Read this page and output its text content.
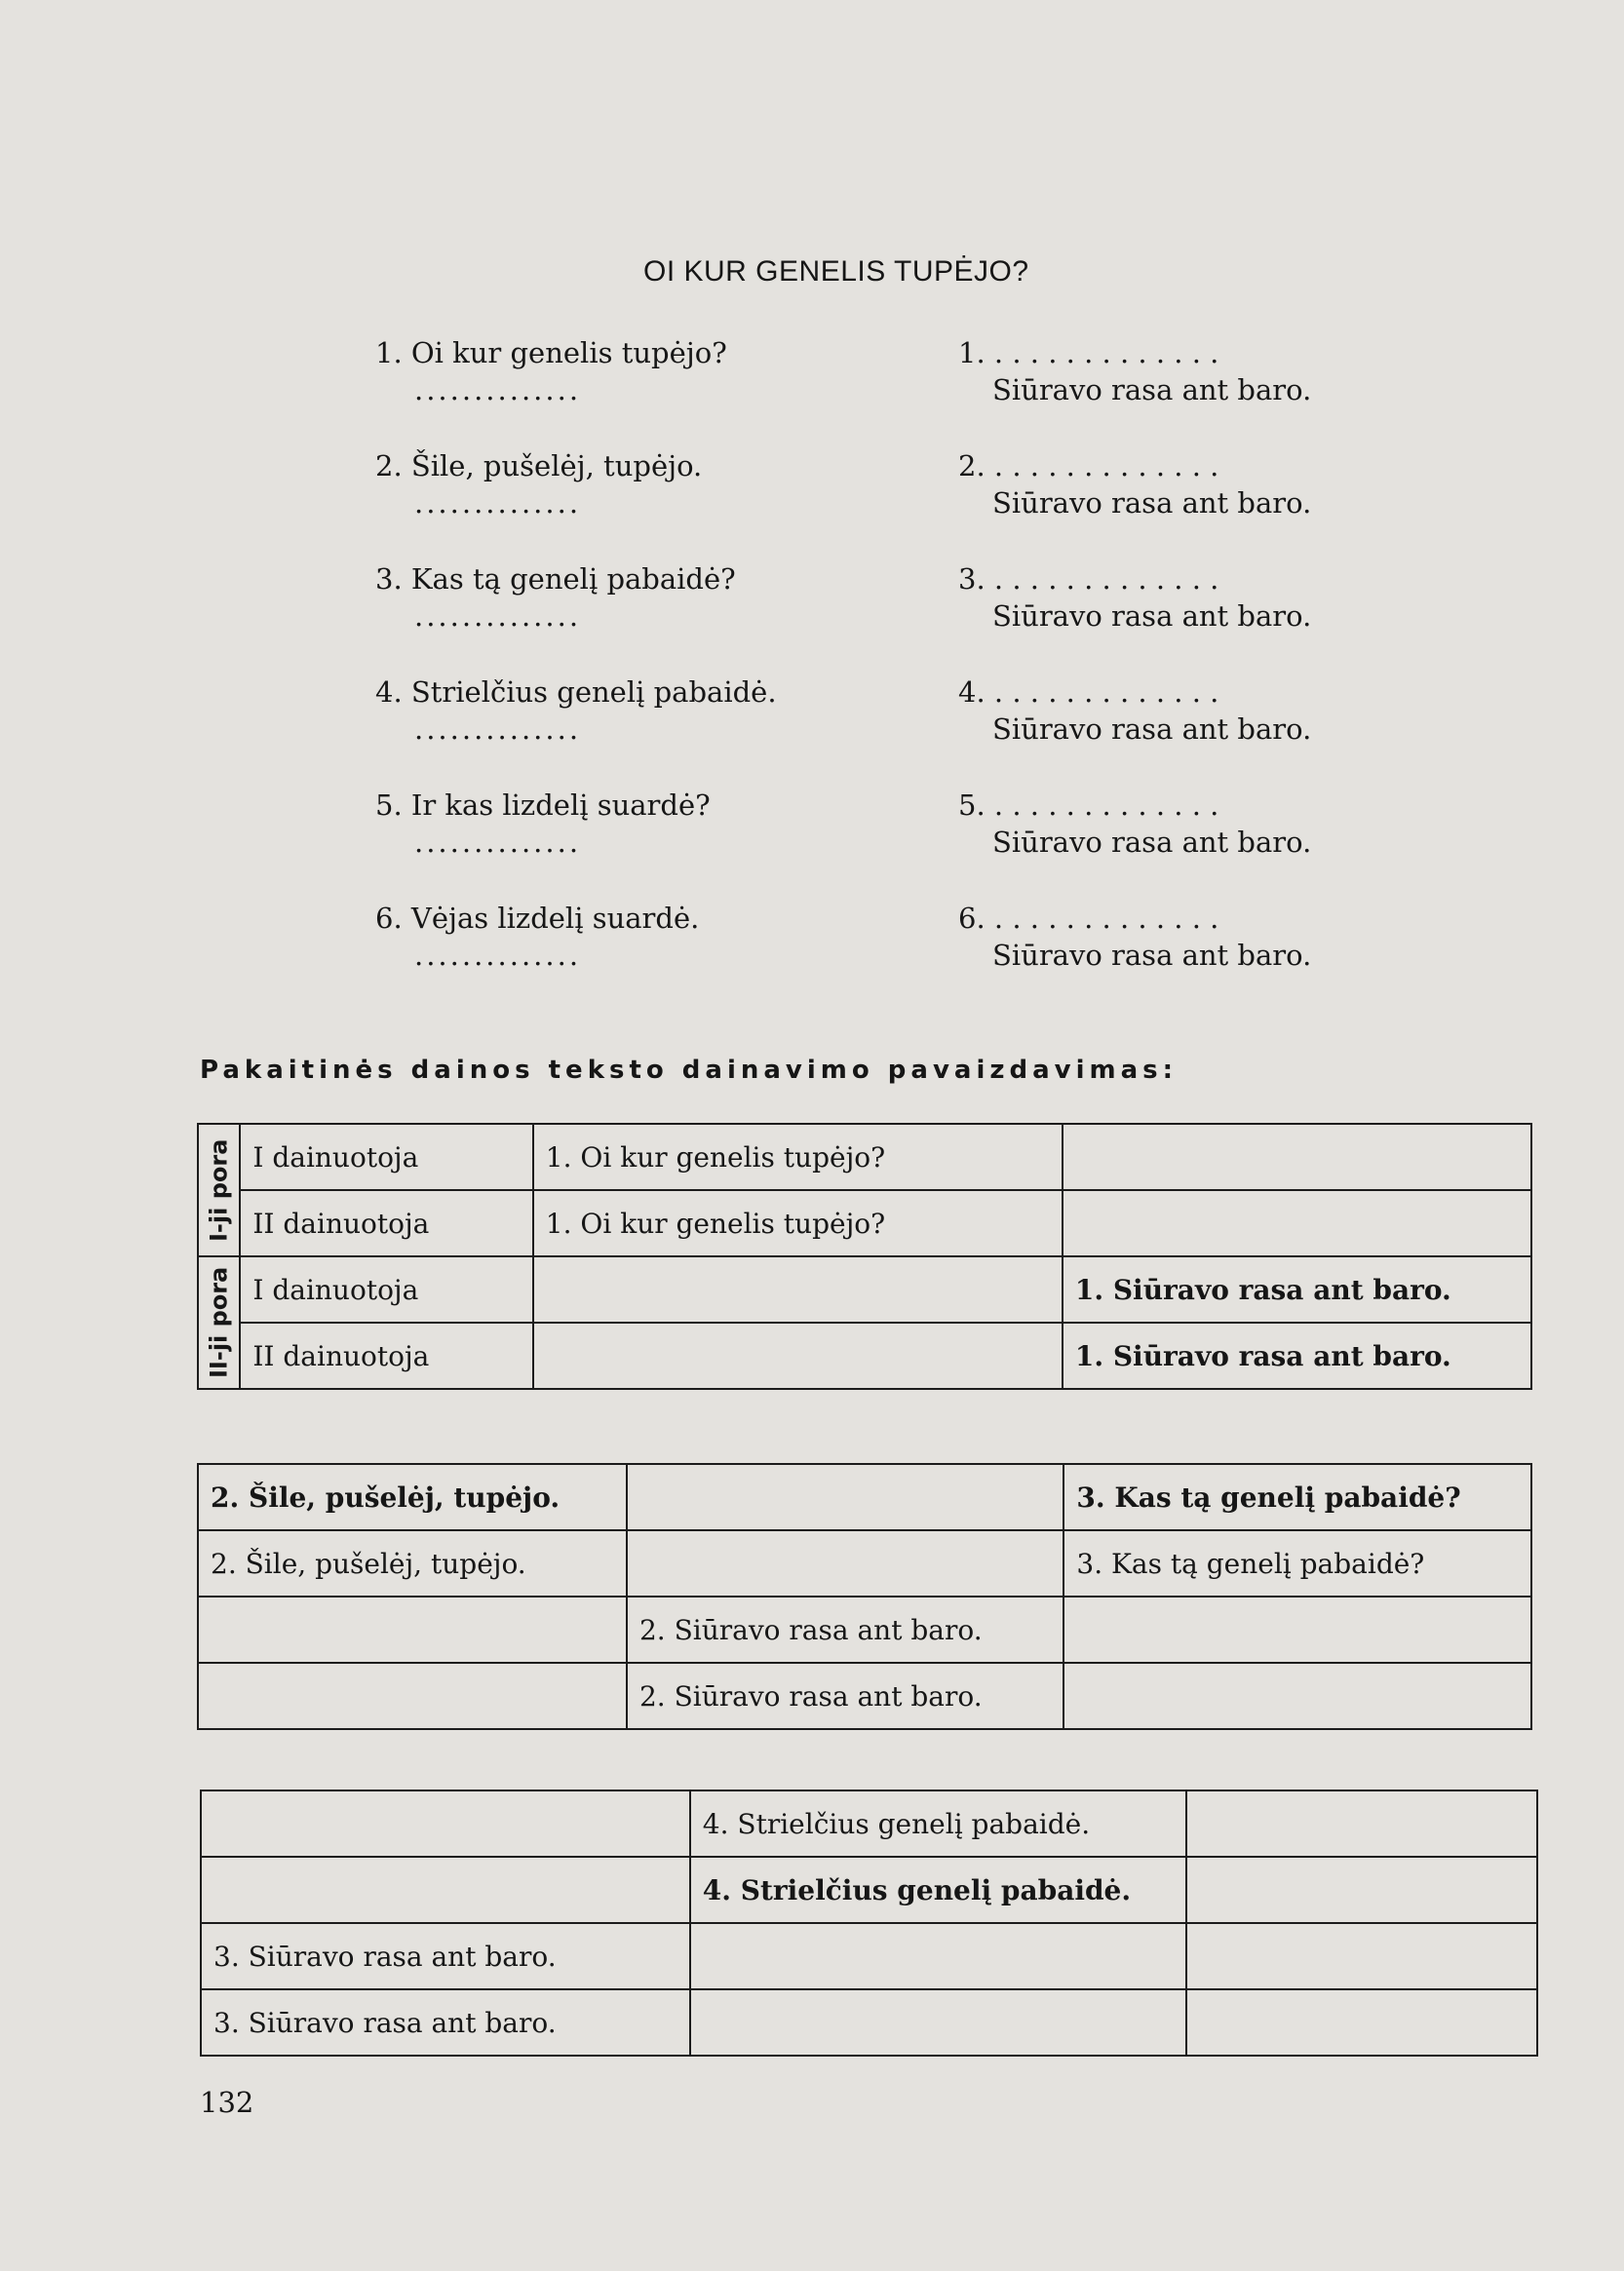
OI KUR GENELIS TUPĖJO?
1. Oi kur genelis tupėjo?
..............
1. . . . . . . . . . . . . .
Siūravo rasa ant baro.
2. Šile, pušelėj, tupėjo.
..............
2. . . . . . . . . . . . . .
Siūravo rasa ant baro.
3. Kas tą genelį pabaidė?
..............
3. . . . . . . . . . . . . .
Siūravo rasa ant baro.
4. Strielčius genelį pabaidė.
..............
4. . . . . . . . . . . . . .
Siūravo rasa ant baro.
5. Ir kas lizdelį suardė?
..............
5. . . . . . . . . . . . . .
Siūravo rasa ant baro.
6. Vėjas lizdelį suardė.
..............
6. . . . . . . . . . . . . .
Siūravo rasa ant baro.
Pakaitinės dainos teksto dainavimo pavaizdavimas:
I-ji pora	I dainuotoja	1. Oi kur genelis tupėjo?	
	II dainuotoja	1. Oi kur genelis tupėjo?	
II-ji pora	I dainuotoja		1. Siūravo rasa ant baro.
	II dainuotoja		1. Siūravo rasa ant baro.
2. Šile, pušelėj, tupėjo.		3. Kas tą genelį pabaidė?
2. Šile, pušelėj, tupėjo.		3. Kas tą genelį pabaidė?
	2. Siūravo rasa ant baro.	
	2. Siūravo rasa ant baro.	
	4. Strielčius genelį pabaidė.	
	4. Strielčius genelį pabaidė.	
3. Siūravo rasa ant baro.		
3. Siūravo rasa ant baro.		
132
